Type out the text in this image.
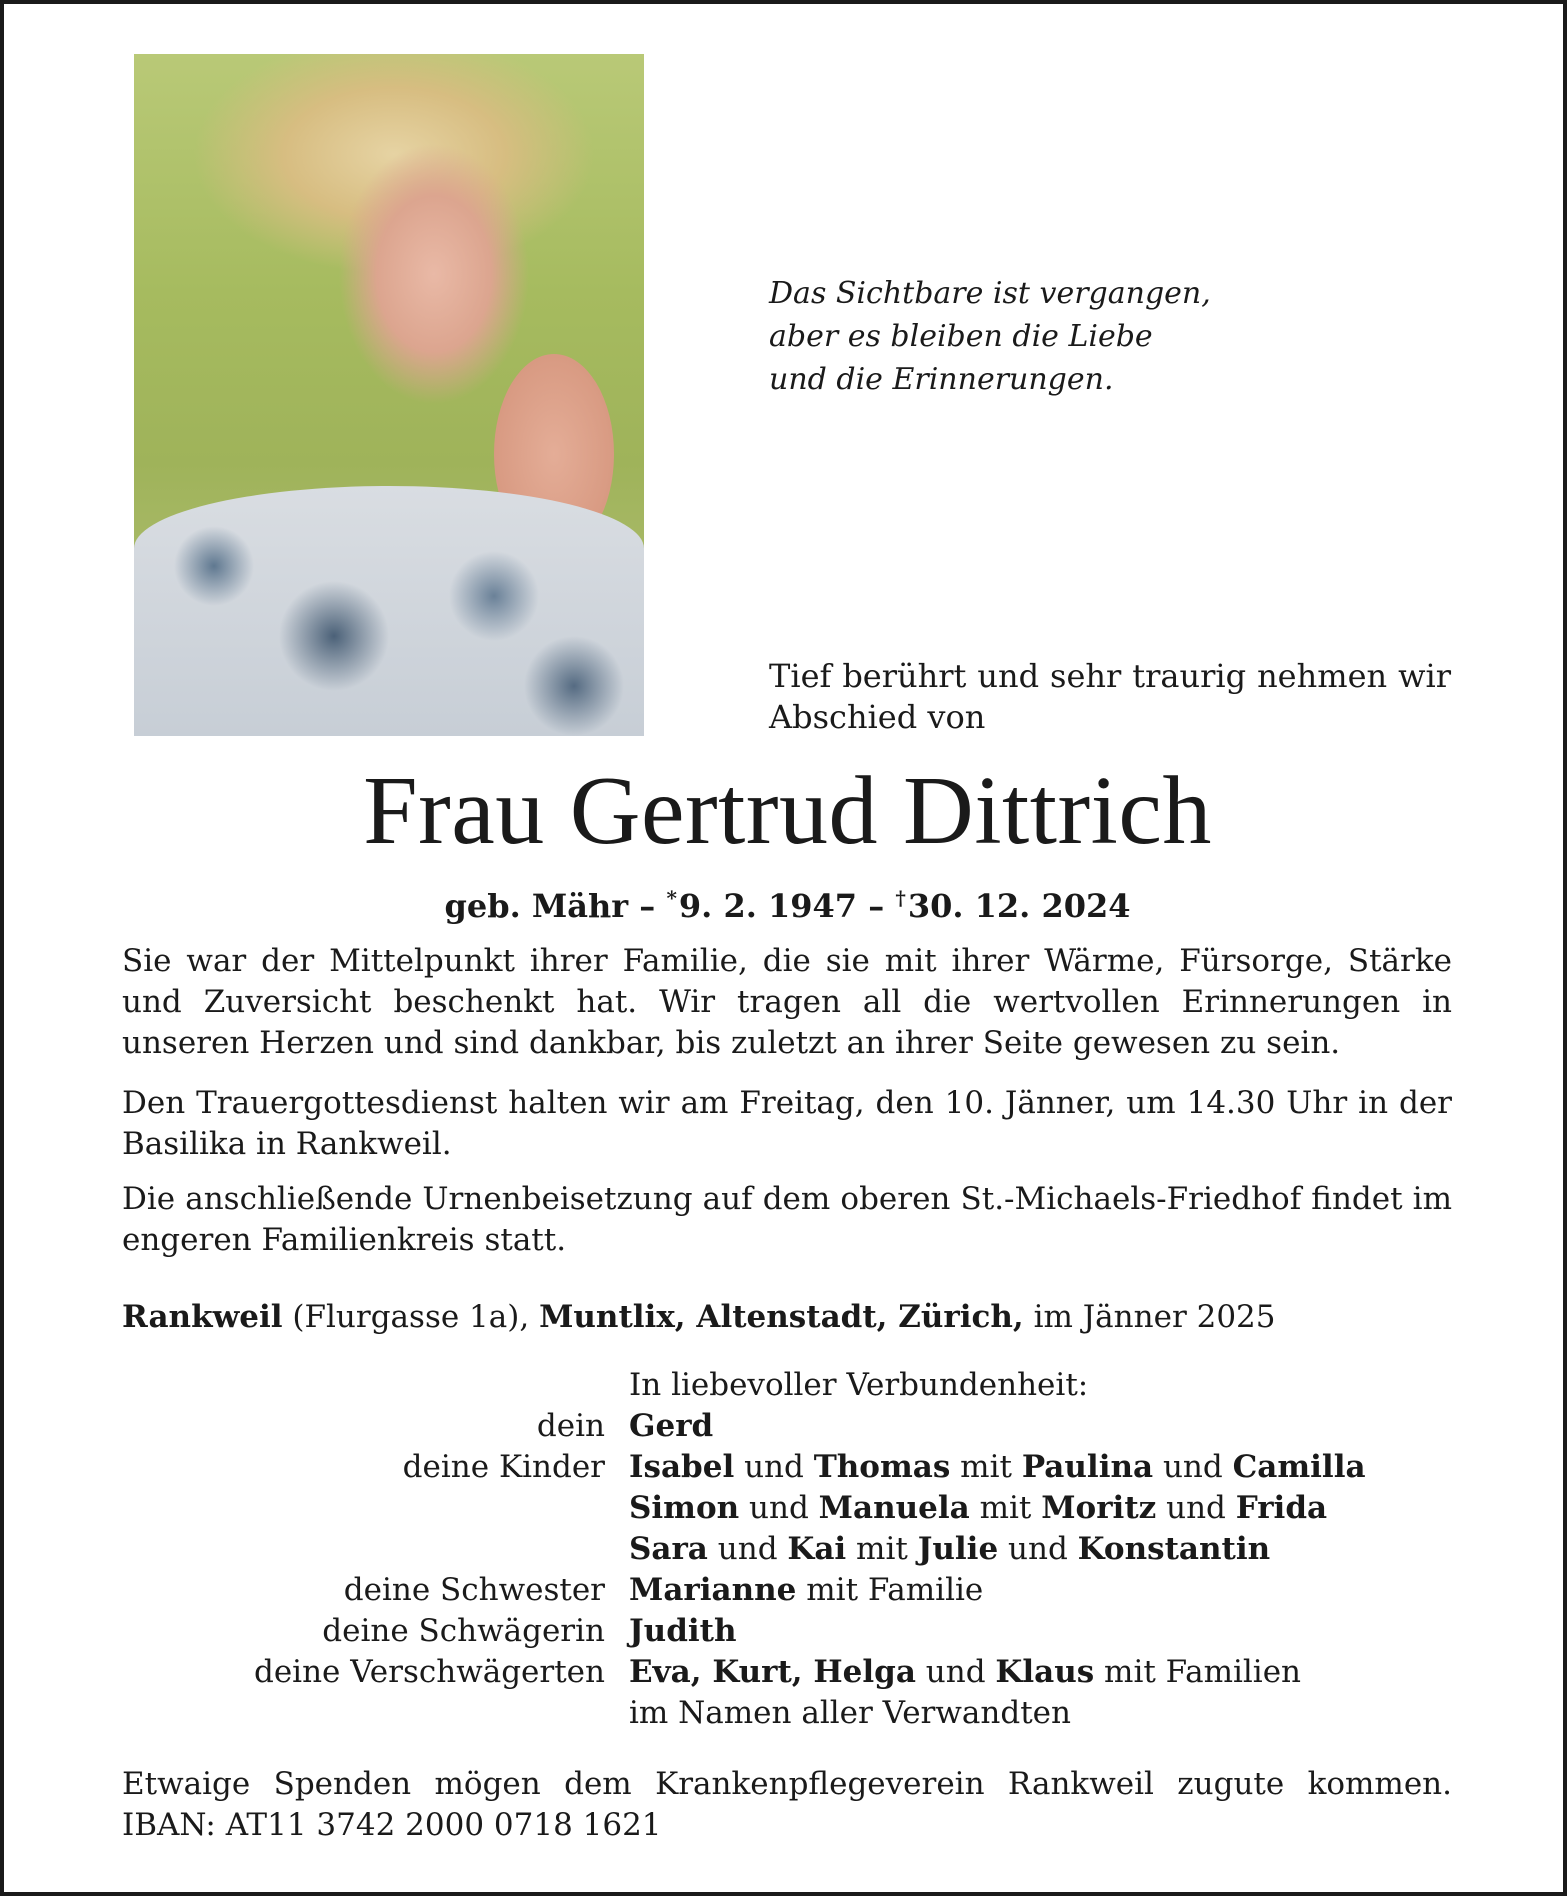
Das Sichtbare ist vergangen,
aber es bleiben die Liebe
und die Erinnerungen.
Tief berührt und sehr traurig nehmen wir Abschied von
Frau Gertrud Dittrich
geb. Mähr – *9. 2. 1947 – †30. 12. 2024
Sie war der Mittelpunkt ihrer Familie, die sie mit ihrer Wärme, Fürsorge, Stärke und Zuversicht beschenkt hat. Wir tragen all die wertvollen Erinnerungen in unseren Herzen und sind dankbar, bis zuletzt an ihrer Seite gewesen zu sein.
Den Trauergottesdienst halten wir am Freitag, den 10. Jänner, um 14.30 Uhr in der Basilika in Rankweil.
Die anschließende Urnenbeisetzung auf dem oberen St.-Michaels-Friedhof findet im engeren Familienkreis statt.
Rankweil (Flurgasse 1a), Muntlix, Altenstadt, Zürich, im Jänner 2025
In liebevoller Verbundenheit:
dein Gerd
deine Kinder Isabel und Thomas mit Paulina und Camilla
Simon und Manuela mit Moritz und Frida
Sara und Kai mit Julie und Konstantin
deine Schwester Marianne mit Familie
deine Schwägerin Judith
deine Verschwägerten Eva, Kurt, Helga und Klaus mit Familien
im Namen aller Verwandten
Etwaige Spenden mögen dem Krankenpflegeverein Rankweil zugute kommen. IBAN: AT11 3742 2000 0718 1621
